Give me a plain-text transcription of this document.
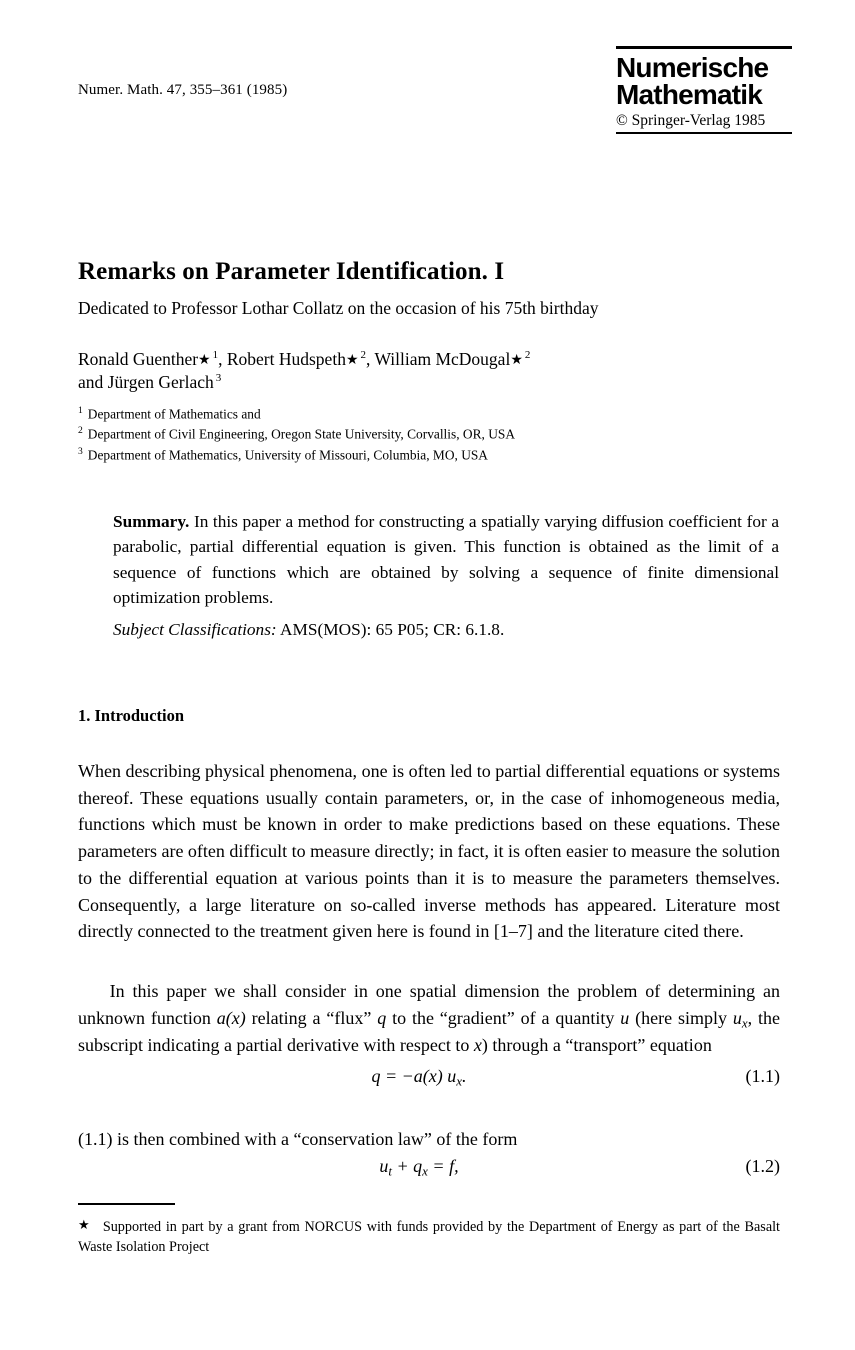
Numer. Math. 47, 355–361 (1985)
Numerische
Mathematik
© Springer-Verlag 1985
Remarks on Parameter Identification. I
Dedicated to Professor Lothar Collatz on the occasion of his 75th birthday
Ronald Guenther★ $^1$, Robert Hudspeth★ $^2$, William McDougal★ $^2$
and Jürgen Gerlach $^3$
$^1$ Department of Mathematics and
$^2$ Department of Civil Engineering, Oregon State University, Corvallis, OR, USA
$^3$ Department of Mathematics, University of Missouri, Columbia, MO, USA
Summary. In this paper a method for constructing a spatially varying diffusion coefficient for a parabolic, partial differential equation is given. This function is obtained as the limit of a sequence of functions which are obtained by solving a sequence of finite dimensional optimization problems.
Subject Classifications: AMS(MOS): 65 P05; CR: 6.1.8.
1. Introduction

When describing physical phenomena, one is often led to partial differential equations or systems thereof. These equations usually contain parameters, or, in the case of inhomogeneous media, functions which must be known in order to make predictions based on these equations. These parameters are often difficult to measure directly; in fact, it is often easier to measure the solution to the differential equation at various points than it is to measure the parameters themselves. Consequently, a large literature on so-called inverse methods has appeared. Literature most directly connected to the treatment given here is found in [1–7] and the literature cited there.

In this paper we shall consider in one spatial dimension the problem of determining an unknown function a(x) relating a “flux” q to the “gradient” of a quantity u (here simply $u_x$, the subscript indicating a partial derivative with respect to x) through a “transport” equation

q = −a(x) $u_x$.	(1.1)

(1.1) is then combined with a “conservation law” of the form

$u_t + q_x = f$,	(1.2)
★ Supported in part by a grant from NORCUS with funds provided by the Department of Energy as part of the Basalt Waste Isolation Project
